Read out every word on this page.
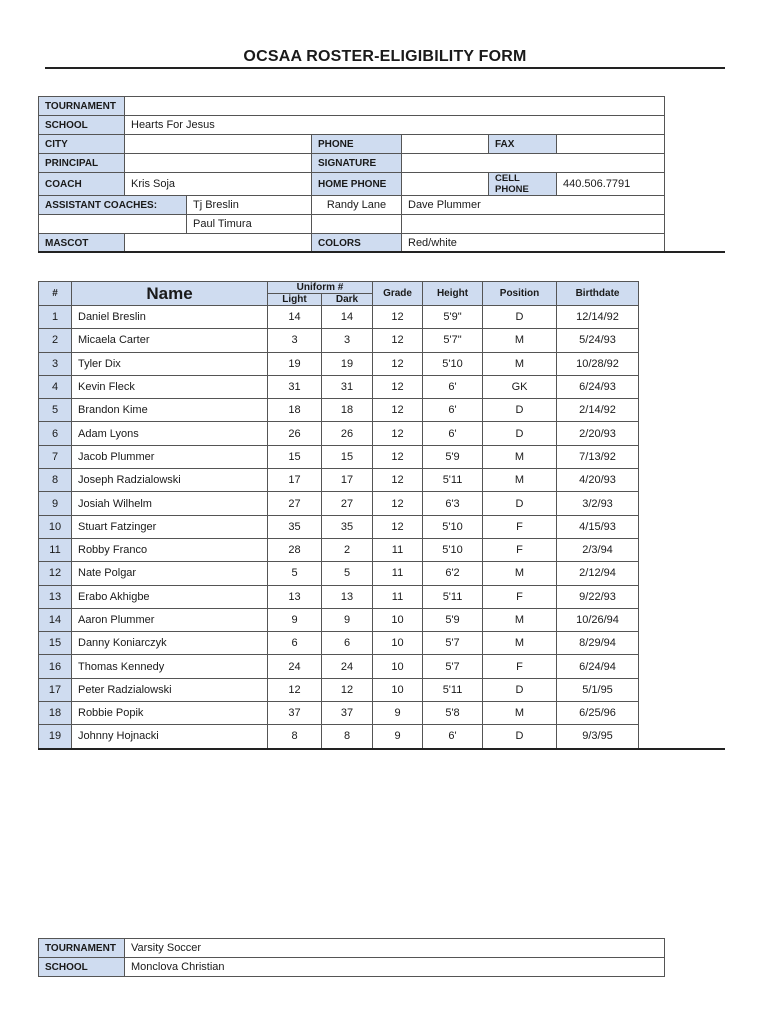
OCSAA ROSTER-ELIGIBILITY FORM
TOURNAMENT						
SCHOOL	Hearts For Jesus					
CITY			PHONE		FAX	
PRINCIPAL			SIGNATURE			
COACH	Kris Soja		HOME PHONE		CELL PHONE	440.506.7791
ASSISTANT COACHES:		Tj Breslin	Randy Lane	Dave Plummer		
		Paul Timura				
MASCOT			COLORS	Red/white		
#	Name	Uniform #		Grade	Height	Position	Birthdate
		Light	Dark				
1	Daniel Breslin	14	14	12	5'9"	D	12/14/92
2	Micaela Carter	3	3	12	5'7"	M	5/24/93
3	Tyler Dix	19	19	12	5'10	M	10/28/92
4	Kevin Fleck	31	31	12	6'	GK	6/24/93
5	Brandon Kime	18	18	12	6'	D	2/14/92
6	Adam Lyons	26	26	12	6'	D	2/20/93
7	Jacob Plummer	15	15	12	5'9	M	7/13/92
8	Joseph Radzialowski	17	17	12	5'11	M	4/20/93
9	Josiah Wilhelm	27	27	12	6'3	D	3/2/93
10	Stuart Fatzinger	35	35	12	5'10	F	4/15/93
11	Robby Franco	28	2	11	5'10	F	2/3/94
12	Nate Polgar	5	5	11	6'2	M	2/12/94
13	Erabo Akhigbe	13	13	11	5'11	F	9/22/93
14	Aaron Plummer	9	9	10	5'9	M	10/26/94
15	Danny Koniarczyk	6	6	10	5'7	M	8/29/94
16	Thomas Kennedy	24	24	10	5'7	F	6/24/94
17	Peter Radzialowski	12	12	10	5'11	D	5/1/95
18	Robbie Popik	37	37	9	5'8	M	6/25/96
19	Johnny Hojnacki	8	8	9	6'	D	9/3/95
TOURNAMENT	Varsity Soccer
SCHOOL	Monclova Christian
